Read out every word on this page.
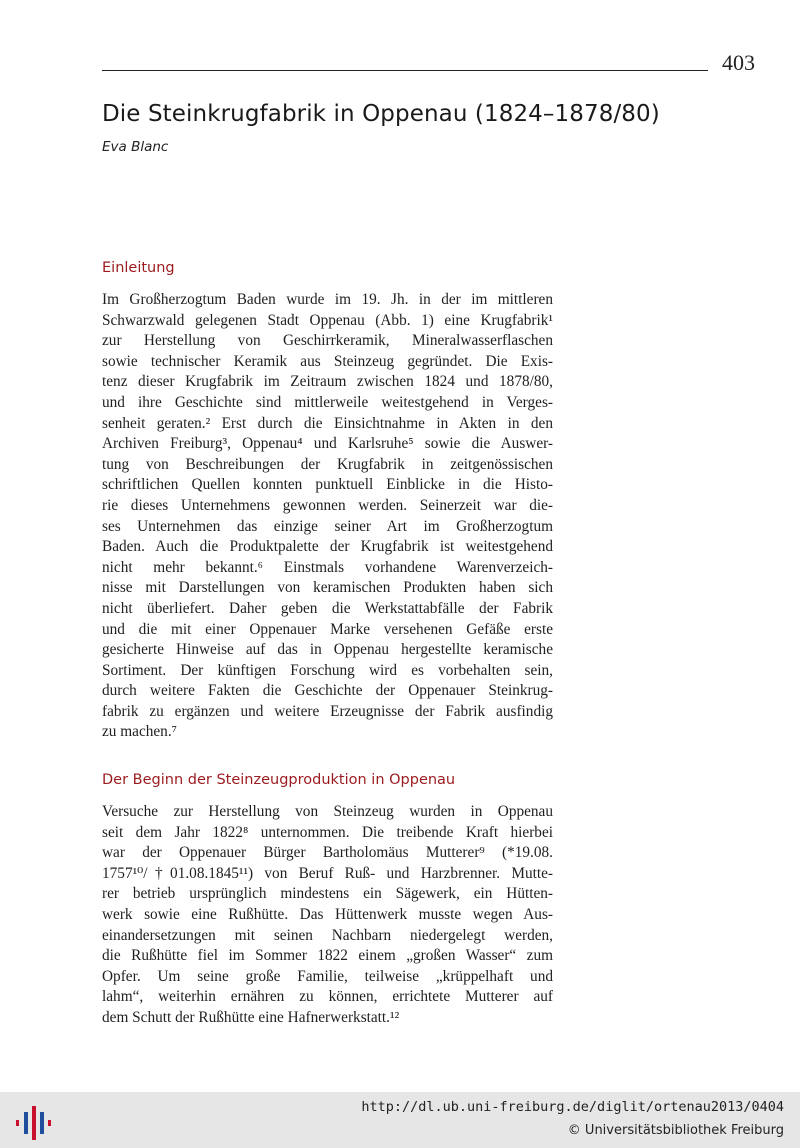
403
Die Steinkrugfabrik in Oppenau (1824–1878/80)
Eva Blanc
Einleitung

Im Großherzogtum Baden wurde im 19. Jh. in der im mittleren
Schwarzwald gelegenen Stadt Oppenau (Abb. 1) eine Krugfabrik¹
zur Herstellung von Geschirrkeramik, Mineralwasserflaschen
sowie technischer Keramik aus Steinzeug gegründet. Die Exis-
tenz dieser Krugfabrik im Zeitraum zwischen 1824 und 1878/80,
und ihre Geschichte sind mittlerweile weitestgehend in Verges-
senheit geraten.² Erst durch die Einsichtnahme in Akten in den
Archiven Freiburg³, Oppenau⁴ und Karlsruhe⁵ sowie die Auswer-
tung von Beschreibungen der Krugfabrik in zeitgenössischen
schriftlichen Quellen konnten punktuell Einblicke in die Histo-
rie dieses Unternehmens gewonnen werden. Seinerzeit war die-
ses Unternehmen das einzige seiner Art im Großherzogtum
Baden. Auch die Produktpalette der Krugfabrik ist weitestgehend
nicht mehr bekannt.⁶ Einstmals vorhandene Warenverzeich-
nisse mit Darstellungen von keramischen Produkten haben sich
nicht überliefert. Daher geben die Werkstattabfälle der Fabrik
und die mit einer Oppenauer Marke versehenen Gefäße erste
gesicherte Hinweise auf das in Oppenau hergestellte keramische
Sortiment. Der künftigen Forschung wird es vorbehalten sein,
durch weitere Fakten die Geschichte der Oppenauer Steinkrug-
fabrik zu ergänzen und weitere Erzeugnisse der Fabrik ausfindig
zu machen.⁷

Der Beginn der Steinzeugproduktion in Oppenau

Versuche zur Herstellung von Steinzeug wurden in Oppenau
seit dem Jahr 1822⁸ unternommen. Die treibende Kraft hierbei
war der Oppenauer Bürger Bartholomäus Mutterer⁹ (*19.08.
1757¹⁰/†01.08.1845¹¹) von Beruf Ruß- und Harzbrenner. Mutte-
rer betrieb ursprünglich mindestens ein Sägewerk, ein Hütten-
werk sowie eine Rußhütte. Das Hüttenwerk musste wegen Aus-
einandersetzungen mit seinen Nachbarn niedergelegt werden,
die Rußhütte fiel im Sommer 1822 einem „großen Wasser“ zum
Opfer. Um seine große Familie, teilweise „krüppelhaft und
lahm“, weiterhin ernähren zu können, errichtete Mutterer auf
dem Schutt der Rußhütte eine Hafnerwerkstatt.¹²

http://dl.ub.uni-freiburg.de/diglit/ortenau2013/0404
© Universitätsbibliothek Freiburg
